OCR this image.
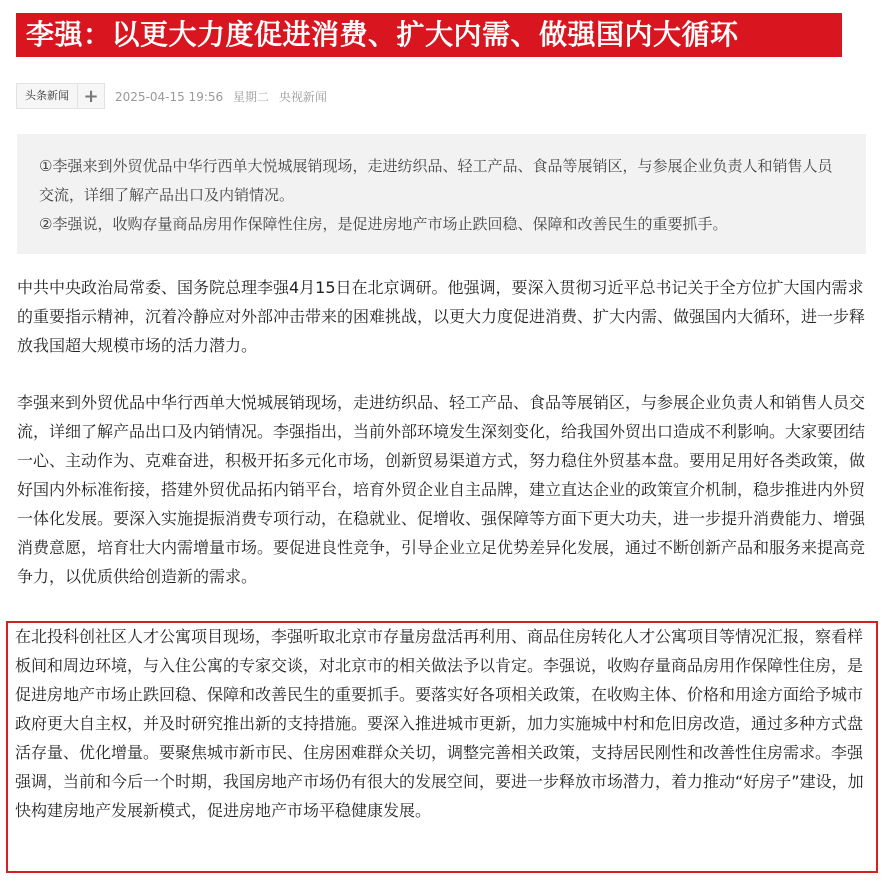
李强：以更大力度促进消费、扩大内需、做强国内大循环
头条新闻 +	2025-04-15 19:56 星期二 央视新闻

①李强来到外贸优品中华行西单大悦城展销现场，走进纺织品、轻工产品、食品等展销区，与参展企业负责人和销售人员交流，详细了解产品出口及内销情况。

②李强说，收购存量商品房用作保障性住房，是促进房地产市场止跌回稳、保障和改善民生的重要抓手。

中共中央政治局常委、国务院总理李强4月15日在北京调研。他强调，要深入贯彻习近平总书记关于全方位扩大国内需求的重要指示精神，沉着冷静应对外部冲击带来的困难挑战，以更大力度促进消费、扩大内需、做强国内大循环，进一步释放我国超大规模市场的活力潜力。

李强来到外贸优品中华行西单大悦城展销现场，走进纺织品、轻工产品、食品等展销区，与参展企业负责人和销售人员交流，详细了解产品出口及内销情况。李强指出，当前外部环境发生深刻变化，给我国外贸出口造成不利影响。大家要团结一心、主动作为、克难奋进，积极开拓多元化市场，创新贸易渠道方式，努力稳住外贸基本盘。要用足用好各类政策，做好国内外标准衔接，搭建外贸优品拓内销平台，培育外贸企业自主品牌，建立直达企业的政策宣介机制，稳步推进内外贸一体化发展。要深入实施提振消费专项行动，在稳就业、促增收、强保障等方面下更大功夫，进一步提升消费能力、增强消费意愿，培育壮大内需增量市场。要促进良性竞争，引导企业立足优势差异化发展，通过不断创新产品和服务来提高竞争力，以优质供给创造新的需求。

在北投科创社区人才公寓项目现场，李强听取北京市存量房盘活再利用、商品住房转化人才公寓项目等情况汇报，察看样板间和周边环境，与入住公寓的专家交谈，对北京市的相关做法予以肯定。李强说，收购存量商品房用作保障性住房，是促进房地产市场止跌回稳、保障和改善民生的重要抓手。要落实好各项相关政策，在收购主体、价格和用途方面给予城市政府更大自主权，并及时研究推出新的支持措施。要深入推进城市更新，加力实施城中村和危旧房改造，通过多种方式盘活存量、优化增量。要聚焦城市新市民、住房困难群众关切，调整完善相关政策，支持居民刚性和改善性住房需求。李强强调，当前和今后一个时期，我国房地产市场仍有很大的发展空间，要进一步释放市场潜力，着力推动“好房子”建设，加快构建房地产发展新模式，促进房地产市场平稳健康发展。
